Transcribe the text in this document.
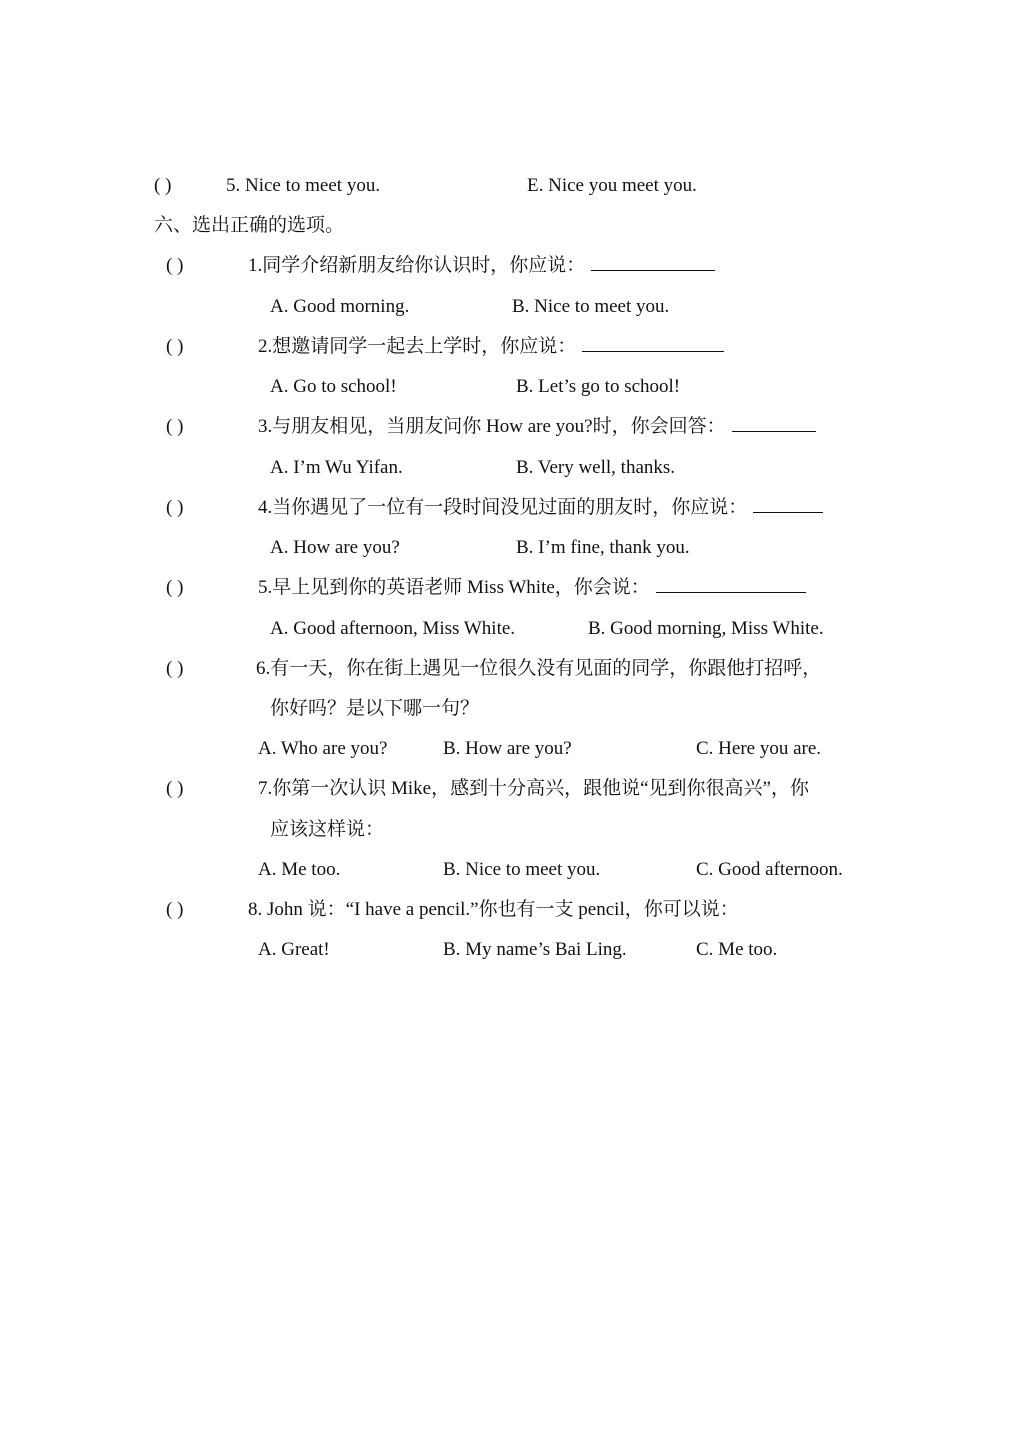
( )	5. Nice to meet you.	E. Nice you meet you.
六、选出正确的选项。
( )	1.同学介绍新朋友给你认识时，你应说：
A. Good morning.	B. Nice to meet you.
( )	2.想邀请同学一起去上学时，你应说：
A. Go to school!	B. Let’s go to school!
( )	3.与朋友相见，当朋友问你 How are you?时，你会回答：
A. I’m Wu Yifan.	B. Very well, thanks.
( )	4.当你遇见了一位有一段时间没见过面的朋友时，你应说：
A. How are you?	B. I’m fine, thank you.
( )	5.早上见到你的英语老师 Miss White，你会说：
A. Good afternoon, Miss White.	B. Good morning, Miss White.
( )	6.有一天，你在街上遇见一位很久没有见面的同学，你跟他打招呼，
你好吗？是以下哪一句？
A. Who are you?	B. How are you?	C. Here you are.
( )	7.你第一次认识 Mike，感到十分高兴，跟他说“见到你很高兴”，你
应该这样说：
A. Me too.	B. Nice to meet you.	C. Good afternoon.
( )	8. John 说：“I have a pencil.”你也有一支 pencil，你可以说：
A. Great!	B. My name’s Bai Ling.	C. Me too.
